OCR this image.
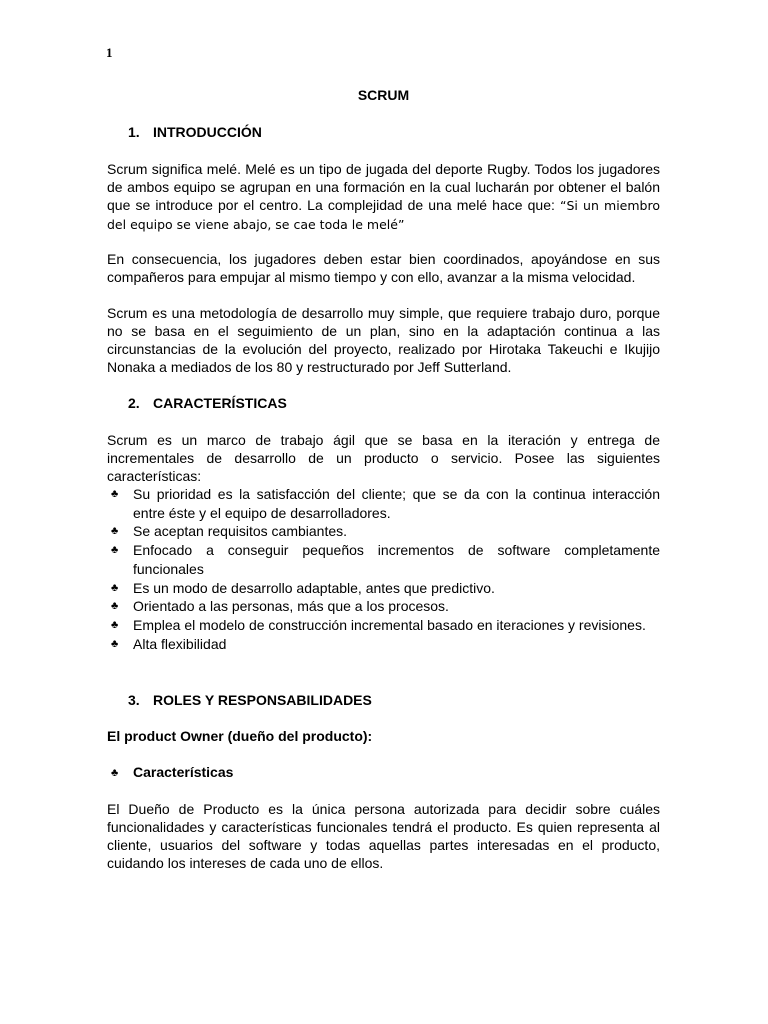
1
SCRUM
1. INTRODUCCIÓN

Scrum significa melé. Melé es un tipo de jugada del deporte Rugby. Todos los jugadores de ambos equipo se agrupan en una formación en la cual lucharán por obtener el balón que se introduce por el centro. La complejidad de una melé hace que: “Si un miembro del equipo se viene abajo, se cae toda le melé”

En consecuencia, los jugadores deben estar bien coordinados, apoyándose en sus compañeros para empujar al mismo tiempo y con ello, avanzar a la misma velocidad.

Scrum es una metodología de desarrollo muy simple, que requiere trabajo duro, porque no se basa en el seguimiento de un plan, sino en la adaptación continua a las circunstancias de la evolución del proyecto, realizado por Hirotaka Takeuchi e Ikujijo Nonaka a mediados de los 80 y restructurado por Jeff Sutterland.

2. CARACTERÍSTICAS

Scrum es un marco de trabajo ágil que se basa en la iteración y entrega de incrementales de desarrollo de un producto o servicio. Posee las siguientes características:

♣ Su prioridad es la satisfacción del cliente; que se da con la continua interacción entre éste y el equipo de desarrolladores.
♣ Se aceptan requisitos cambiantes.
♣ Enfocado a conseguir pequeños incrementos de software completamente funcionales
♣ Es un modo de desarrollo adaptable, antes que predictivo.
♣ Orientado a las personas, más que a los procesos.
♣ Emplea el modelo de construcción incremental basado en iteraciones y revisiones.
♣ Alta flexibilidad
3. ROLES Y RESPONSABILIDADES
El product Owner (dueño del producto):
♣ Características

El Dueño de Producto es la única persona autorizada para decidir sobre cuáles funcionalidades y características funcionales tendrá el producto. Es quien representa al cliente, usuarios del software y todas aquellas partes interesadas en el producto, cuidando los intereses de cada uno de ellos.
